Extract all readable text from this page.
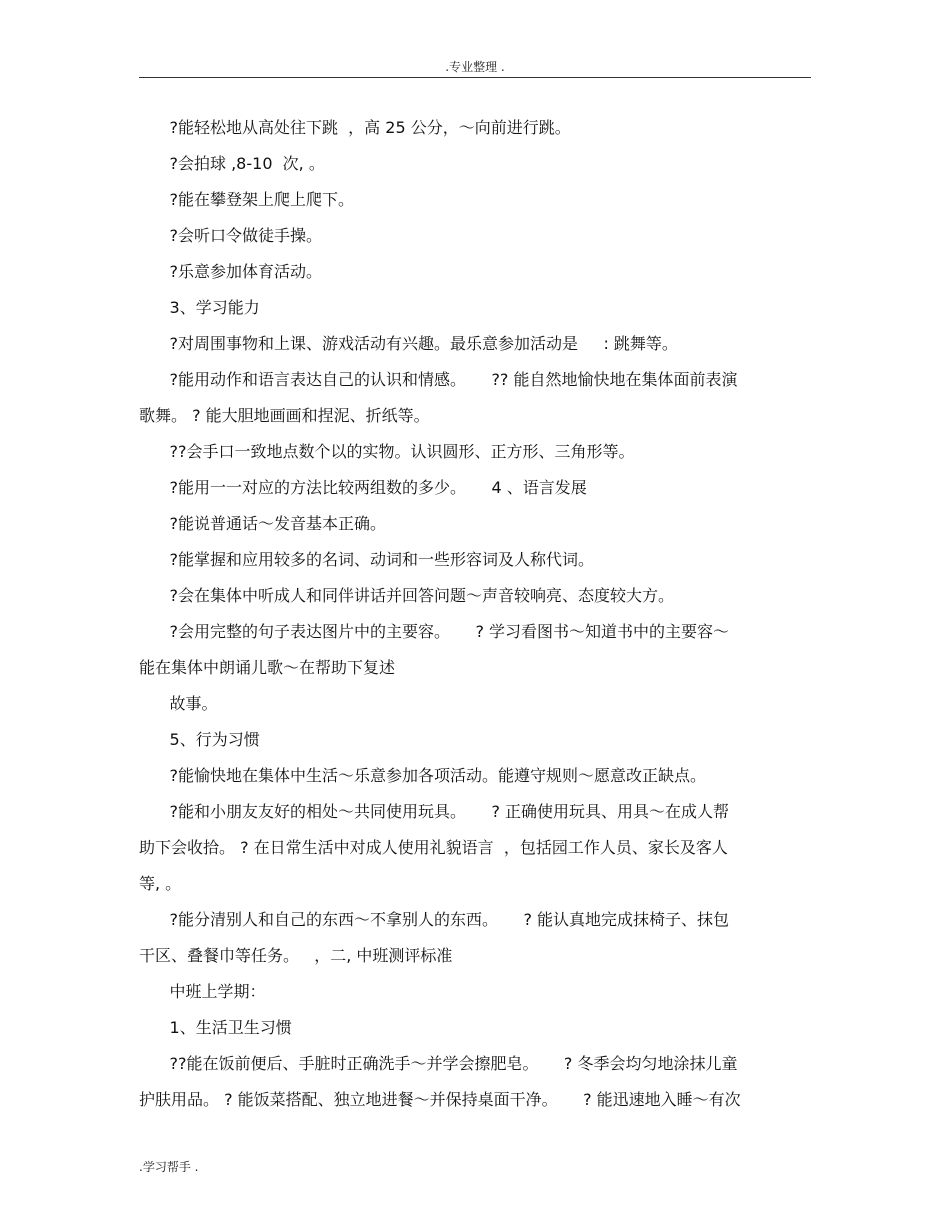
.专业整理 .
?能轻松地从高处往下跳  ，高 25 公分，～向前进行跳。
?会拍球 ,8-10  次, 。
?能在攀登架上爬上爬下。
?会听口令做徒手操。
?乐意参加体育活动。
3、学习能力
?对周围事物和上课、游戏活动有兴趣。最乐意参加活动是     : 跳舞等。
?能用动作和语言表达自己的认识和情感。     ?? 能自然地愉快地在集体面前表演
歌舞。 ? 能大胆地画画和捏泥、折纸等。
??会手口一致地点数个以的实物。认识圆形、正方形、三角形等。
?能用一一对应的方法比较两组数的多少。     4 、语言发展
?能说普通话～发音基本正确。
?能掌握和应用较多的名词、动词和一些形容词及人称代词。
?会在集体中听成人和同伴讲话并回答问题～声音较响亮、态度较大方。
?会用完整的句子表达图片中的主要容。     ? 学习看图书～知道书中的主要容～
能在集体中朗诵儿歌～在帮助下复述
故事。
5、行为习惯
?能愉快地在集体中生活～乐意参加各项活动。能遵守规则～愿意改正缺点。
?能和小朋友友好的相处～共同使用玩具。     ? 正确使用玩具、用具～在成人帮
助下会收拾。 ? 在日常生活中对成人使用礼貌语言  ，包括园工作人员、家长及客人
等, 。
?能分清别人和自己的东西～不拿别人的东西。     ? 能认真地完成抹椅子、抹包
干区、叠餐巾等任务。   ，二, 中班测评标准
中班上学期：
1、生活卫生习惯
??能在饭前便后、手脏时正确洗手～并学会擦肥皂。     ? 冬季会均匀地涂抹儿童
护肤用品。 ? 能饭菜搭配、独立地进餐～并保持桌面干净。     ? 能迅速地入睡～有次
.学习帮手 .
